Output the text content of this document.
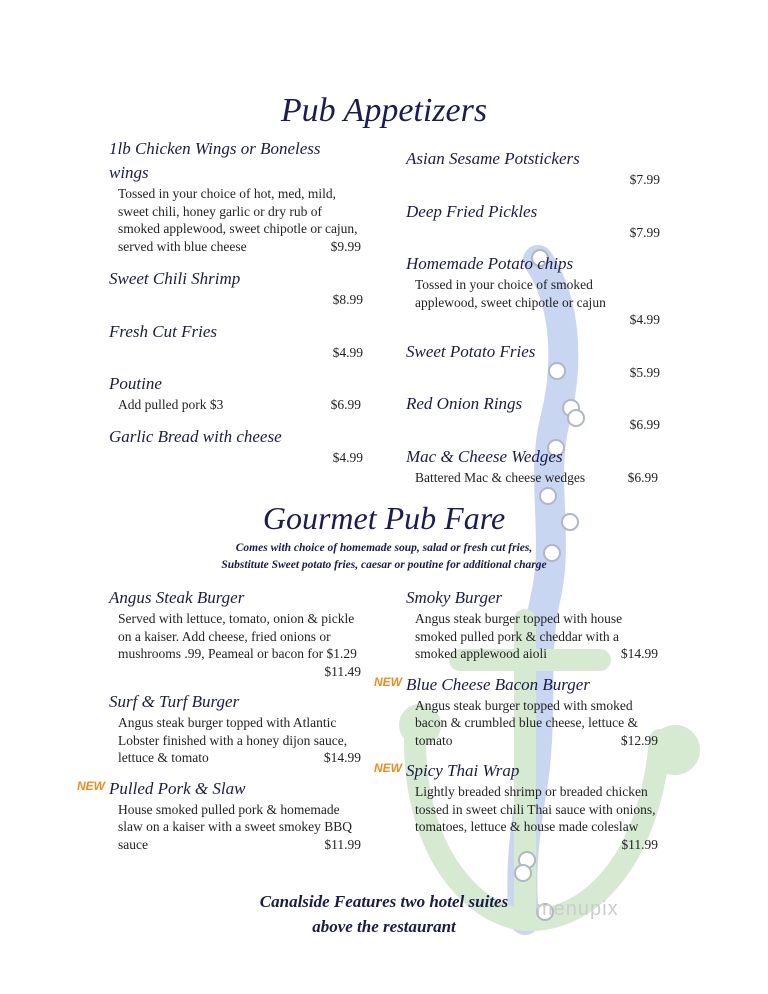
menupix
Pub Appetizers
1lb Chicken Wings or Boneless wings
Tossed in your choice of hot, med, mild, sweet chili, honey garlic or dry rub of smoked applewood, sweet chipotle or cajun, served with blue cheese	$9.99
Sweet Chili Shrimp
$8.99
Fresh Cut Fries
$4.99
Poutine
Add pulled pork $3	$6.99
Garlic Bread with cheese
$4.99
Asian Sesame Potstickers
$7.99
Deep Fried Pickles
$7.99
Homemade Potato chips
Tossed in your choice of smoked applewood, sweet chipotle or cajun
$4.99
Sweet Potato Fries
$5.99
Red Onion Rings
$6.99
Mac & Cheese Wedges
Battered Mac & cheese wedges	$6.99
Gourmet Pub Fare
Comes with choice of homemade soup, salad or fresh cut fries,
Substitute Sweet potato fries, caesar or poutine for additional charge
Angus Steak Burger
Served with lettuce, tomato, onion & pickle on a kaiser. Add cheese, fried onions or mushrooms .99, Peameal or bacon for $1.29
$11.49
Surf & Turf Burger
Angus steak burger topped with Atlantic Lobster finished with a honey dijon sauce, lettuce & tomato	$14.99
NEW Pulled Pork & Slaw
House smoked pulled pork & homemade slaw on a kaiser with a sweet smokey BBQ sauce	$11.99
Smoky Burger
Angus steak burger topped with house smoked pulled pork & cheddar with a smoked applewood aioli	$14.99
NEW Blue Cheese Bacon Burger
Angus steak burger topped with smoked bacon & crumbled blue cheese, lettuce & tomato	$12.99
NEW Spicy Thai Wrap
Lightly breaded shrimp or breaded chicken tossed in sweet chili Thai sauce with onions, tomatoes, lettuce & house made coleslaw
$11.99
Canalside Features two hotel suites
above the restaurant
